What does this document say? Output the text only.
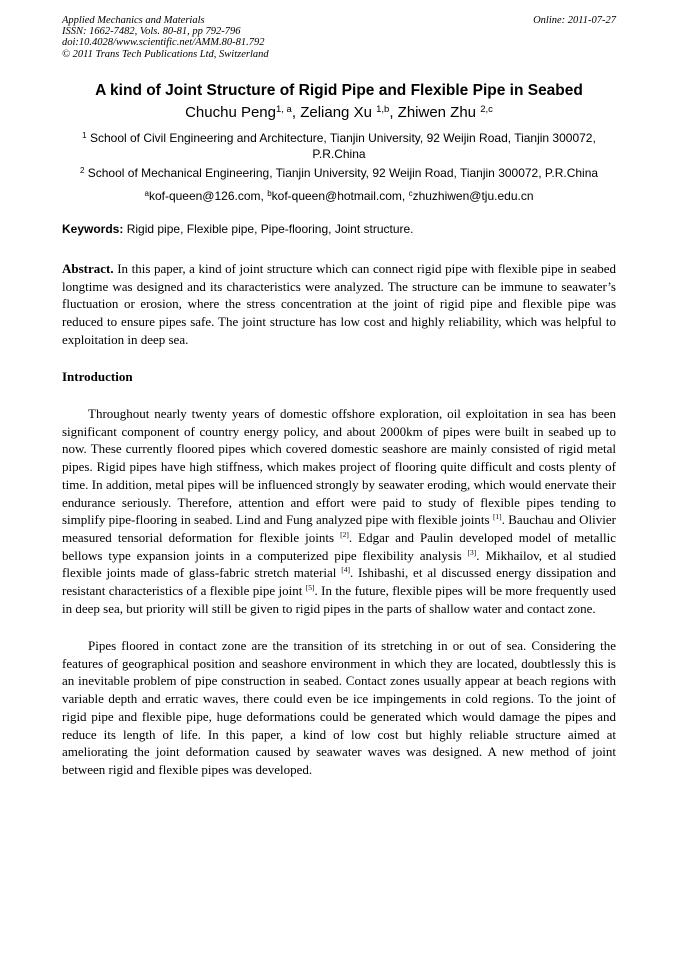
Applied Mechanics and Materials
ISSN: 1662-7482, Vols. 80-81, pp 792-796
doi:10.4028/www.scientific.net/AMM.80-81.792
© 2011 Trans Tech Publications Ltd, Switzerland
Online: 2011-07-27
A kind of Joint Structure of Rigid Pipe and Flexible Pipe in Seabed
Chuchu Peng$^{1, a}$, Zeliang Xu $^{1,b}$, Zhiwen Zhu $^{2,c}$
$^1$ School of Civil Engineering and Architecture, Tianjin University, 92 Weijin Road, Tianjin 300072, P.R.China
$^2$ School of Mechanical Engineering, Tianjin University, 92 Weijin Road, Tianjin 300072, P.R.China
$^a$kof-queen@126.com, $^b$kof-queen@hotmail.com, $^c$zhuzhiwen@tju.edu.cn
Keywords: Rigid pipe, Flexible pipe, Pipe-flooring, Joint structure.
Abstract. In this paper, a kind of joint structure which can connect rigid pipe with flexible pipe in seabed longtime was designed and its characteristics were analyzed. The structure can be immune to seawater’s fluctuation or erosion, where the stress concentration at the joint of rigid pipe and flexible pipe was reduced to ensure pipes safe. The joint structure has low cost and highly reliability, which was helpful to exploitation in deep sea.
Introduction
Throughout nearly twenty years of domestic offshore exploration, oil exploitation in sea has been significant component of country energy policy, and about 2000km of pipes were built in seabed up to now. These currently floored pipes which covered domestic seashore are mainly consisted of rigid metal pipes. Rigid pipes have high stiffness, which makes project of flooring quite difficult and costs plenty of time. In addition, metal pipes will be influenced strongly by seawater eroding, which would enervate their endurance seriously. Therefore, attention and effort were paid to study of flexible pipes tending to simplify pipe-flooring in seabed. Lind and Fung analyzed pipe with flexible joints [1]. Bauchau and Olivier measured tensorial deformation for flexible joints [2]. Edgar and Paulin developed model of metallic bellows type expansion joints in a computerized pipe flexibility analysis [3]. Mikhailov, et al studied flexible joints made of glass-fabric stretch material [4]. Ishibashi, et al discussed energy dissipation and resistant characteristics of a flexible pipe joint [5]. In the future, flexible pipes will be more frequently used in deep sea, but priority will still be given to rigid pipes in the parts of shallow water and contact zone.
Pipes floored in contact zone are the transition of its stretching in or out of sea. Considering the features of geographical position and seashore environment in which they are located, doubtlessly this is an inevitable problem of pipe construction in seabed. Contact zones usually appear at beach regions with variable depth and erratic waves, there could even be ice impingements in cold regions. To the joint of rigid pipe and flexible pipe, huge deformations could be generated which would damage the pipes and reduce its length of life. In this paper, a kind of low cost but highly reliable structure aimed at ameliorating the joint deformation caused by seawater waves was designed. A new method of joint between rigid and flexible pipes was developed.
